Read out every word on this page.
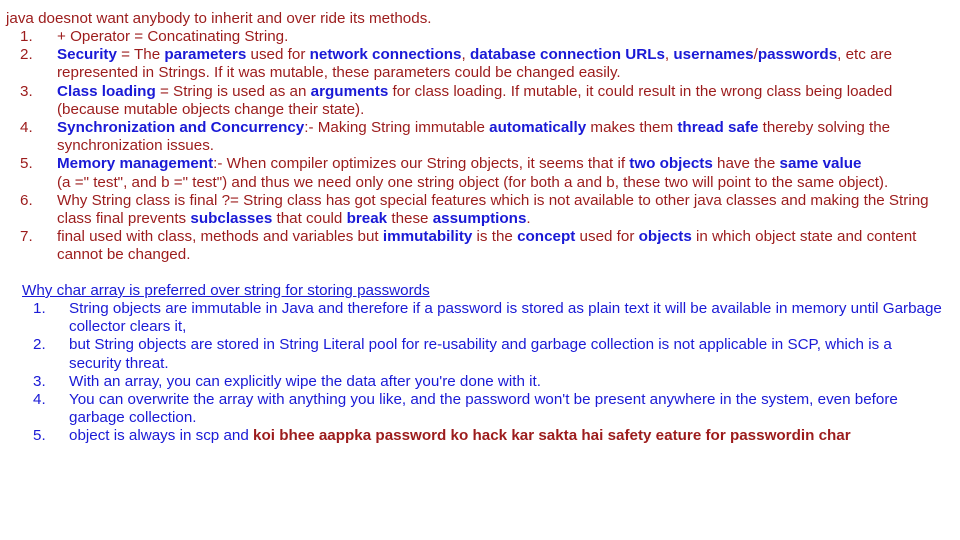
java doesnot want anybody to inherit and over ride its methods.
1. + Operator = Concatinating String.
2. Security = The parameters used for network connections, database connection URLs, usernames/passwords, etc are represented in Strings. If it was mutable, these parameters could be changed easily.
3. Class loading = String is used as an arguments for class loading. If mutable, it could result in the wrong class being loaded (because mutable objects change their state).
4. Synchronization and Concurrency:- Making String immutable automatically makes them thread safe thereby solving the synchronization issues.
5. Memory management:- When compiler optimizes our String objects, it seems that if two objects have the same value
(a =" test", and b =" test") and thus we need only one string object (for both a and b, these two will point to the same object).
6. Why String class is final ?= String class has got special features which is not available to other java classes and making the String class final prevents subclasses that could break these assumptions.
7. final used with class, methods and variables but immutability is the concept used for objects in which object state and content cannot be changed.
Why char array is preferred over string for storing passwords
1. String objects are immutable in Java and therefore if a password is stored as plain text it will be available in memory until Garbage collector clears it,
2. but String objects are stored in String Literal pool for re-usability and garbage collection is not applicable in SCP, which is a security threat.
3. With an array, you can explicitly wipe the data after you're done with it.
4. You can overwrite the array with anything you like, and the password won't be present anywhere in the system, even before garbage collection.
5. object is always in scp and koi bhee aappka password ko hack kar sakta hai safety eature for passwordin char
